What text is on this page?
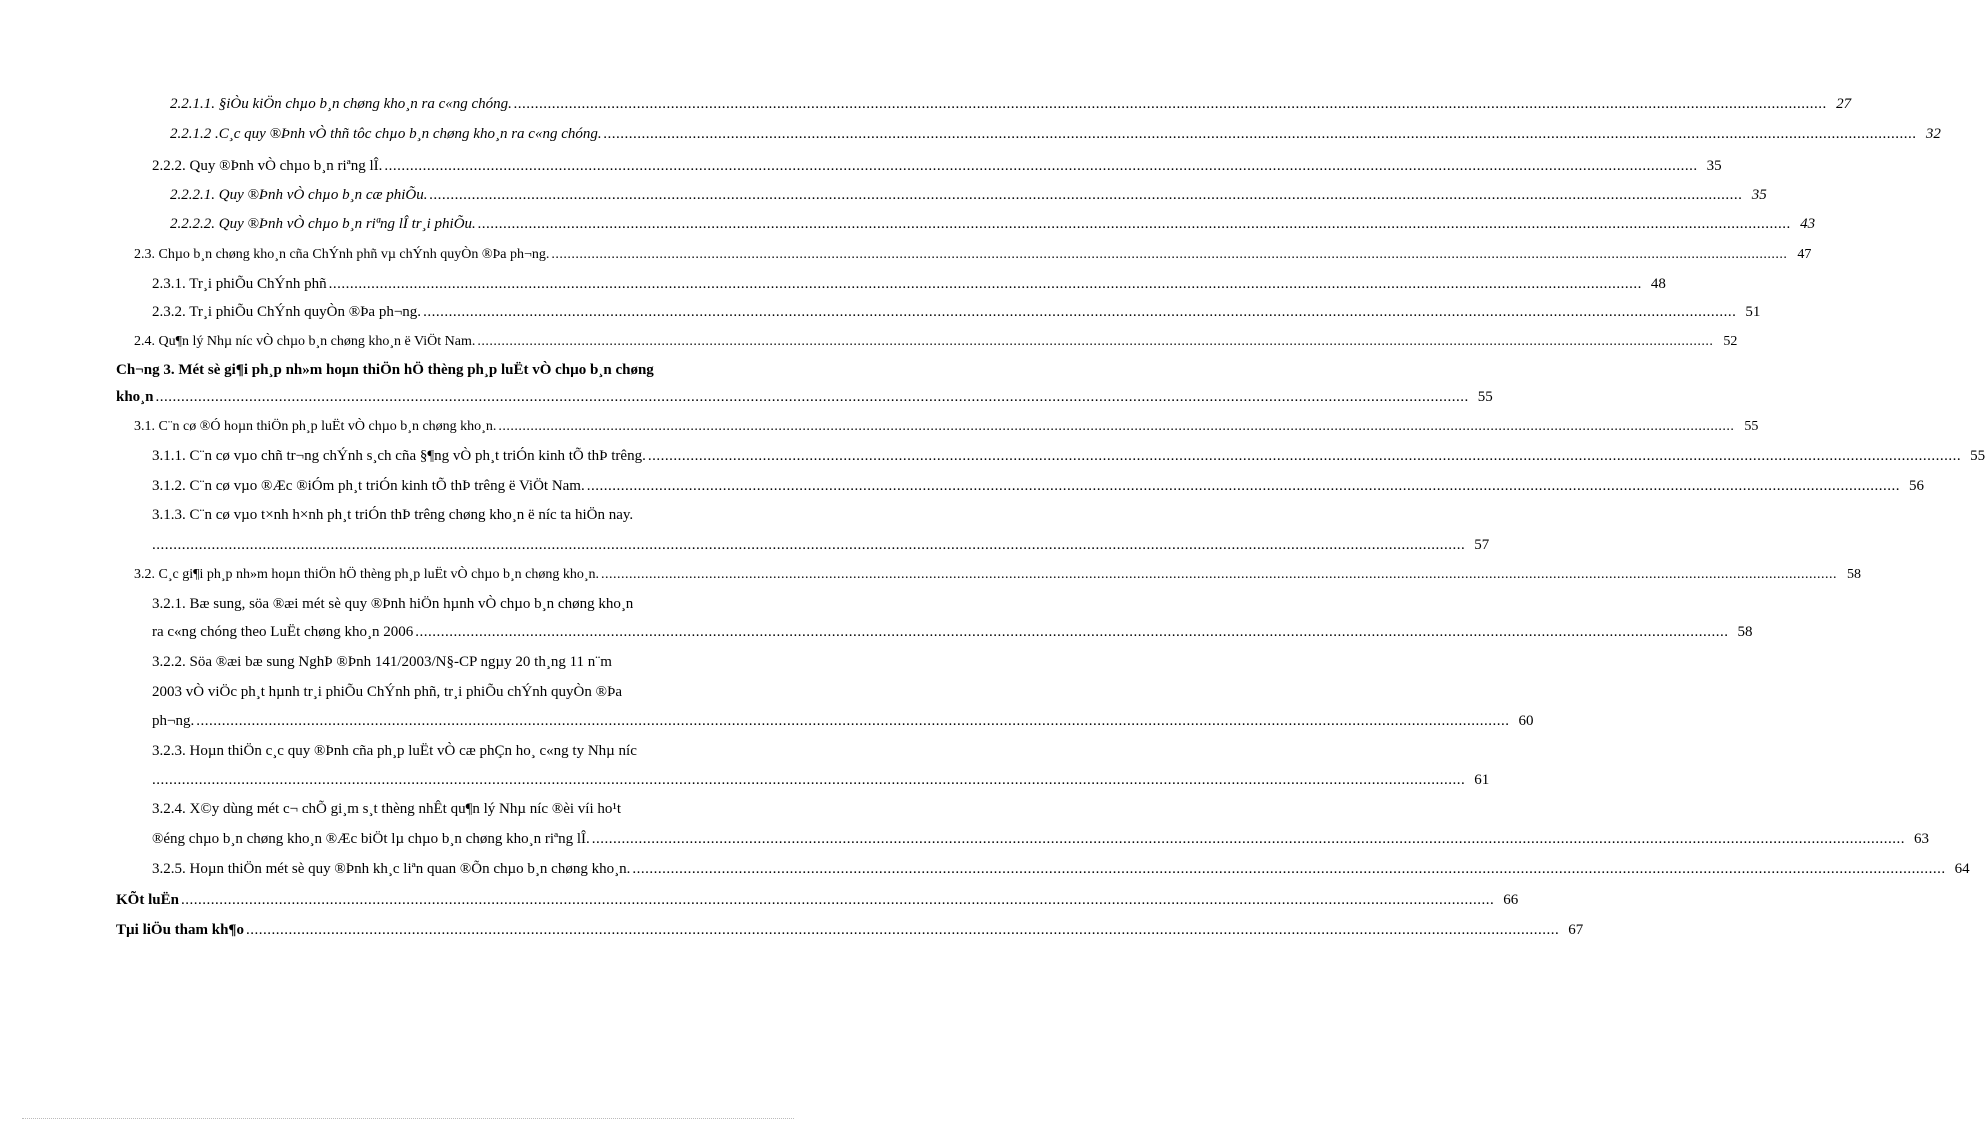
2.2.1.1. §iÒu kiÖn chµo b¸n chøng kho¸n ra c«ng chóng. ..................................................................................................................................................................................................................................................................................................................... 27
2.2.1.2 .C¸c quy ®Þnh vÒ thñ tôc chµo b¸n chøng kho¸n ra c«ng chóng. ..................................................................................................................................................................................................................................................................................................................... 32
2.2.2. Quy ®Þnh vÒ chµo b¸n riªng lÎ. ..................................................................................................................................................................................................................................................................................................................... 35
2.2.2.1. Quy ®Þnh vÒ chµo b¸n cæ phiÕu. ..................................................................................................................................................................................................................................................................................................................... 35
2.2.2.2. Quy ®Þnh vÒ chµo b¸n riªng lÎ tr¸i phiÕu. ..................................................................................................................................................................................................................................................................................................................... 43
2.3. Chµo b¸n chøng kho¸n cña ChÝnh phñ vµ chÝnh quyÒn ®Þa ph¬ng. ..................................................................................................................................................................................................................................................................................................................... 47
2.3.1. Tr¸i phiÕu ChÝnh phñ ..................................................................................................................................................................................................................................................................................................................... 48
2.3.2. Tr¸i phiÕu ChÝnh quyÒn ®Þa ph¬ng. ..................................................................................................................................................................................................................................................................................................................... 51
2.4. Qu¶n lý Nhµ níc vÒ chµo b¸n chøng kho¸n ë ViÖt Nam. ..................................................................................................................................................................................................................................................................................................................... 52
Ch¬ng 3. Mét sè gi¶i ph¸p nh»m hoµn thiÖn hÖ thèng ph¸p luËt vÒ chµo b¸n chøng
kho¸n ..................................................................................................................................................................................................................................................................................................................... 55
3.1. C¨n cø ®Ó hoµn thiÖn ph¸p luËt vÒ chµo b¸n chøng kho¸n. ..................................................................................................................................................................................................................................................................................................................... 55
3.1.1. C¨n cø vµo chñ tr¬ng chÝnh s¸ch cña §¶ng vÒ ph¸t triÓn kinh tÕ thÞ trêng. ..................................................................................................................................................................................................................................................................................................................... 55
3.1.2. C¨n cø vµo ®Æc ®iÓm ph¸t triÓn kinh tÕ thÞ trêng ë ViÖt Nam. ..................................................................................................................................................................................................................................................................................................................... 56
3.1.3. C¨n cø vµo t×nh h×nh ph¸t triÓn thÞ trêng chøng kho¸n ë níc ta hiÖn nay.
..................................................................................................................................................................................................................................................................................................................... 57
3.2. C¸c gi¶i ph¸p nh»m hoµn thiÖn hÖ thèng ph¸p luËt vÒ chµo b¸n chøng kho¸n. ..................................................................................................................................................................................................................................................................................................................... 58
3.2.1. Bæ sung, söa ®æi mét sè quy ®Þnh hiÖn hµnh vÒ chµo b¸n chøng kho¸n
ra c«ng chóng theo LuËt chøng kho¸n 2006 ..................................................................................................................................................................................................................................................................................................................... 58
3.2.2. Söa ®æi bæ sung NghÞ ®Þnh 141/2003/N§-CP ngµy 20 th¸ng 11 n¨m
2003 vÒ viÖc ph¸t hµnh tr¸i phiÕu ChÝnh phñ, tr¸i phiÕu chÝnh quyÒn ®Þa
ph¬ng. ..................................................................................................................................................................................................................................................................................................................... 60
3.2.3. Hoµn thiÖn c¸c quy ®Þnh cña ph¸p luËt vÒ cæ phÇn ho¸ c«ng ty Nhµ níc
..................................................................................................................................................................................................................................................................................................................... 61
3.2.4. X©y dùng mét c¬ chÕ gi¸m s¸t thèng nhÊt qu¶n lý Nhµ níc ®èi víi ho¹t
®éng chµo b¸n chøng kho¸n ®Æc biÖt lµ chµo b¸n chøng kho¸n riªng lÎ. ..................................................................................................................................................................................................................................................................................................................... 63
3.2.5. Hoµn thiÖn mét sè quy ®Þnh kh¸c liªn quan ®Õn chµo b¸n chøng kho¸n. ..................................................................................................................................................................................................................................................................................................................... 64
KÕt luËn ..................................................................................................................................................................................................................................................................................................................... 66
Tµi liÖu tham kh¶o ..................................................................................................................................................................................................................................................................................................................... 67
